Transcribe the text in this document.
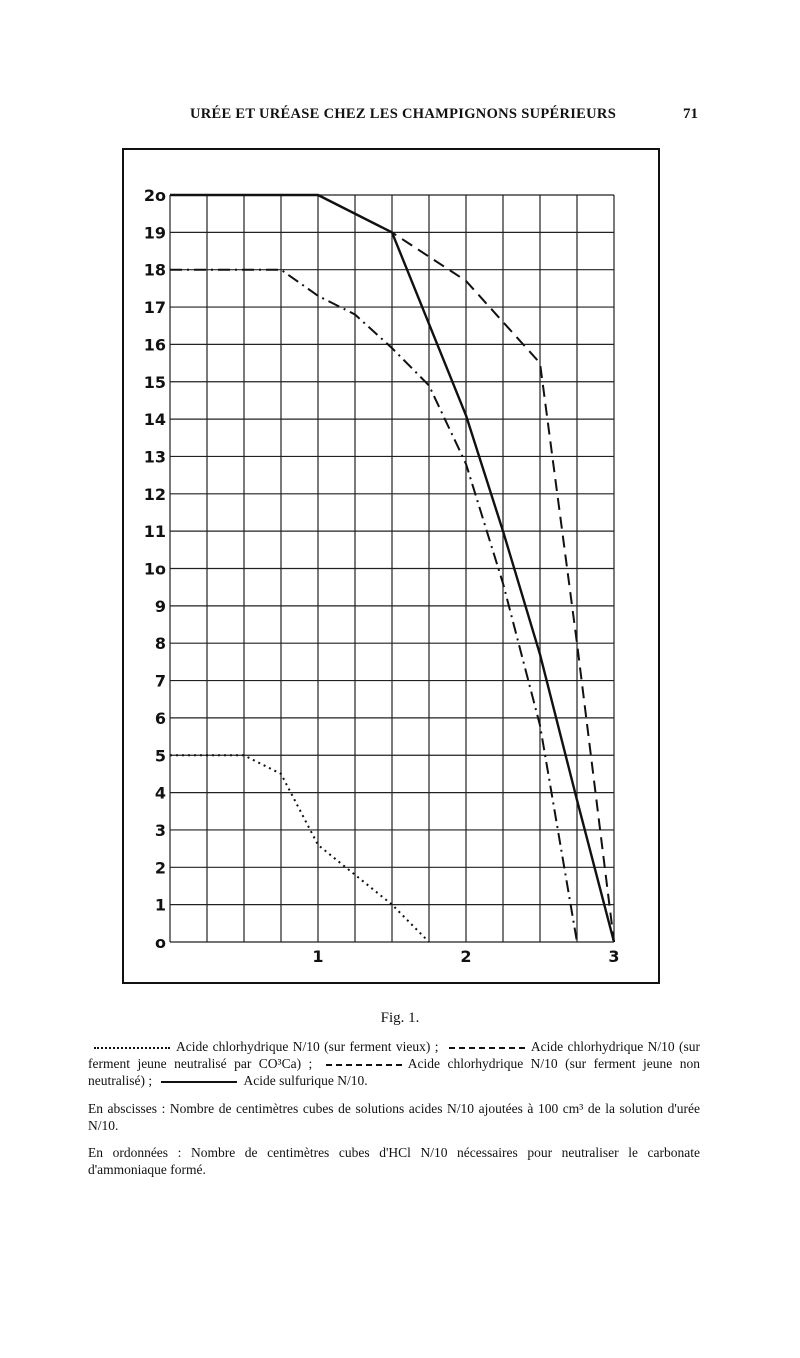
URÉE ET URÉASE CHEZ LES CHAMPIGNONS SUPÉRIEURS	71
o
1
2
3
4
5
6
7
8
9
1o
11
12
13
14
15
16
17
18
19
2o
1	2	3
Fig. 1.
Acide chlorhydrique N/10 (sur ferment vieux) ;	Acide chlorhydrique N/10 (sur ferment jeune neutralisé par CO³Ca) ;	Acide chlorhydrique N/10 (sur ferment jeune non neutralisé) ;	Acide sulfurique N/10.
En abscisses : Nombre de centimètres cubes de solutions acides N/10 ajoutées à 100 cm³ de la solution d'urée N/10.
En ordonnées : Nombre de centimètres cubes d'HCl N/10 nécessaires pour neutraliser le carbonate d'ammoniaque formé.
